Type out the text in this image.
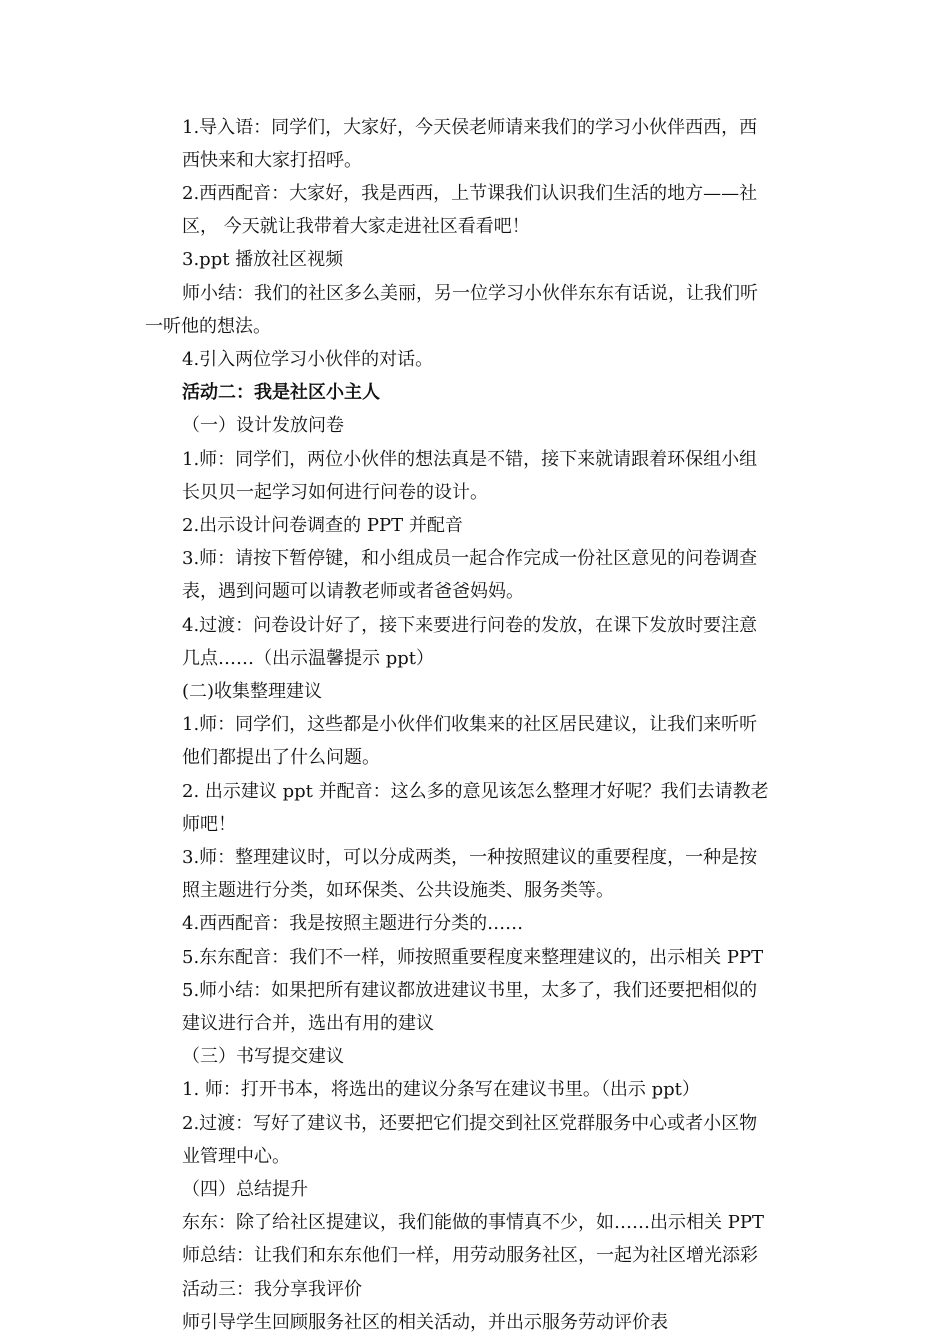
1.导入语：同学们，大家好，今天侯老师请来我们的学习小伙伴西西，西
西快来和大家打招呼。
2.西西配音：大家好，我是西西，上节课我们认识我们生活的地方——社
区， 今天就让我带着大家走进社区看看吧！
3.ppt 播放社区视频
师小结：我们的社区多么美丽，另一位学习小伙伴东东有话说，让我们听
一听他的想法。
4.引入两位学习小伙伴的对话。
活动二：我是社区小主人
（一）设计发放问卷
1.师：同学们，两位小伙伴的想法真是不错，接下来就请跟着环保组小组
长贝贝一起学习如何进行问卷的设计。
2.出示设计问卷调查的 PPT 并配音
3.师：请按下暂停键，和小组成员一起合作完成一份社区意见的问卷调查
表，遇到问题可以请教老师或者爸爸妈妈。
4.过渡：问卷设计好了，接下来要进行问卷的发放，在课下发放时要注意
几点……（出示温馨提示 ppt）
(二)收集整理建议
1.师：同学们，这些都是小伙伴们收集来的社区居民建议，让我们来听听
他们都提出了什么问题。
2. 出示建议 ppt 并配音：这么多的意见该怎么整理才好呢？我们去请教老
师吧！
3.师：整理建议时，可以分成两类，一种按照建议的重要程度，一种是按
照主题进行分类，如环保类、公共设施类、服务类等。
4.西西配音：我是按照主题进行分类的……
5.东东配音：我们不一样，师按照重要程度来整理建议的，出示相关 PPT
5.师小结：如果把所有建议都放进建议书里，太多了，我们还要把相似的
建议进行合并，选出有用的建议
（三）书写提交建议
1. 师：打开书本，将选出的建议分条写在建议书里。（出示 ppt）
2.过渡：写好了建议书，还要把它们提交到社区党群服务中心或者小区物
业管理中心。
（四）总结提升
东东：除了给社区提建议，我们能做的事情真不少，如……出示相关 PPT
师总结：让我们和东东他们一样，用劳动服务社区，一起为社区增光添彩
活动三：我分享我评价
师引导学生回顾服务社区的相关活动，并出示服务劳动评价表
